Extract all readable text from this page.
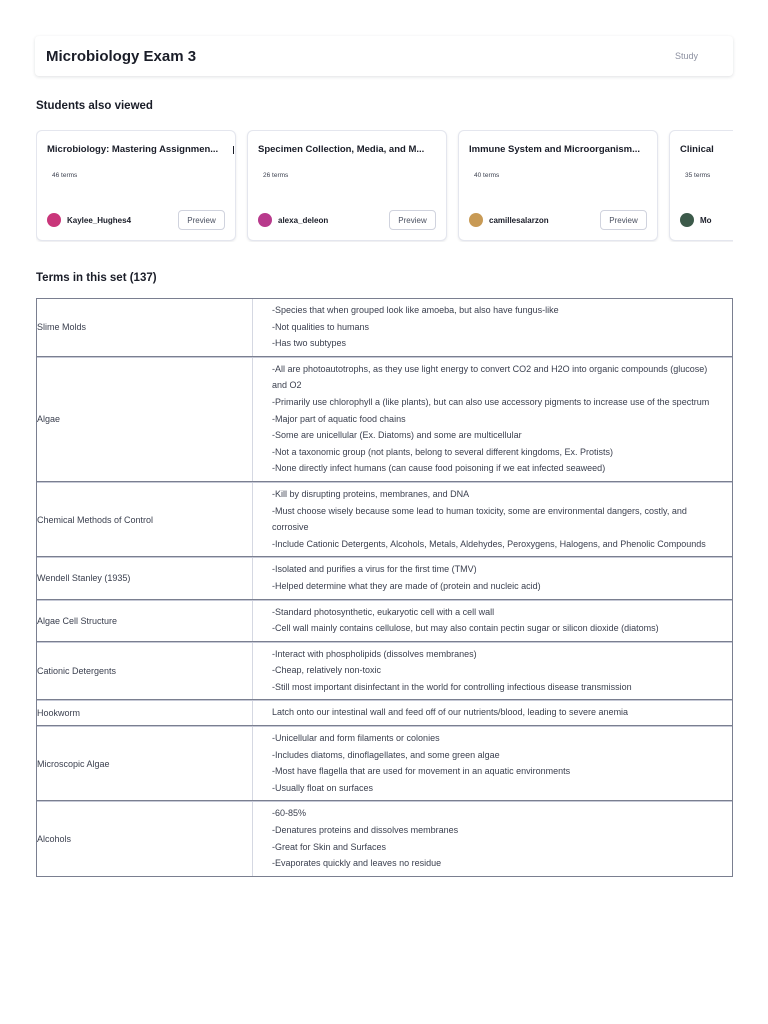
Microbiology Exam 3	Study
Students also viewed
Microbiology: Mastering Assignmen...
46 terms
Kaylee_Hughes4	Preview
Specimen Collection, Media, and M...
26 terms
alexa_deleon	Preview
Immune System and Microorganism...
40 terms
camillesalarzon	Preview
Clinical
35 terms
Mo
Terms in this set (137)
Slime Molds
-Species that when grouped look like amoeba, but also have fungus-like
-Not qualities to humans
-Has two subtypes
Algae
-All are photoautotrophs, as they use light energy to convert CO2 and H2O into organic compounds (glucose) and O2
-Primarily use chlorophyll a (like plants), but can also use accessory pigments to increase use of the spectrum
-Major part of aquatic food chains
-Some are unicellular (Ex. Diatoms) and some are multicellular
-Not a taxonomic group (not plants, belong to several different kingdoms, Ex. Protists)
-None directly infect humans (can cause food poisoning if we eat infected seaweed)
Chemical Methods of Control
-Kill by disrupting proteins, membranes, and DNA
-Must choose wisely because some lead to human toxicity, some are environmental dangers, costly, and corrosive
-Include Cationic Detergents, Alcohols, Metals, Aldehydes, Peroxygens, Halogens, and Phenolic Compounds
Wendell Stanley (1935)
-Isolated and purifies a virus for the first time (TMV)
-Helped determine what they are made of (protein and nucleic acid)
Algae Cell Structure
-Standard photosynthetic, eukaryotic cell with a cell wall
-Cell wall mainly contains cellulose, but may also contain pectin sugar or silicon dioxide (diatoms)
Cationic Detergents
-Interact with phospholipids (dissolves membranes)
-Cheap, relatively non-toxic
-Still most important disinfectant in the world for controlling infectious disease transmission
Hookworm	Latch onto our intestinal wall and feed off of our nutrients/blood, leading to severe anemia
Microscopic Algae
-Unicellular and form filaments or colonies
-Includes diatoms, dinoflagellates, and some green algae
-Most have flagella that are used for movement in an aquatic environments
-Usually float on surfaces
Alcohols
-60-85%
-Denatures proteins and dissolves membranes
-Great for Skin and Surfaces
-Evaporates quickly and leaves no residue
